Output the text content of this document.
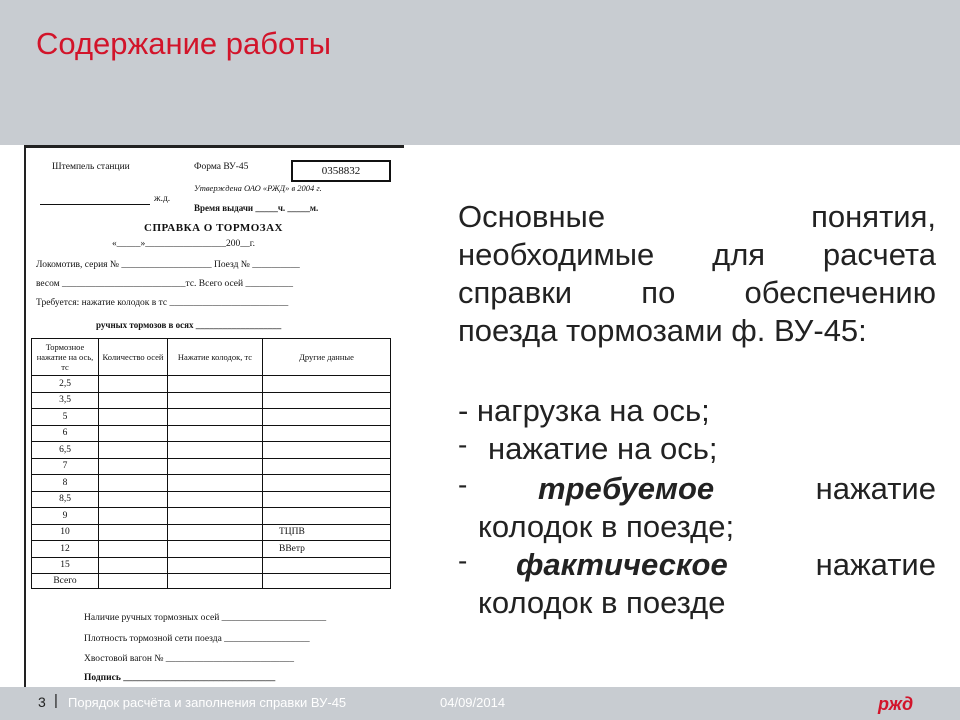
Содержание работы
Штемпель станции	Форма ВУ-45	0358832
Утверждена ОАО «РЖД» в 2004 г.
ж.д.
Время выдачи _____ч. _____м.
СПРАВКА О ТОРМОЗАХ
«_____»_________________200__г.
Локомотив, серия № ___________________ Поезд № __________
весом __________________________тс. Всего осей __________
Требуется: нажатие колодок в тс _________________________
ручных тормозов в осях ___________________
Тормозное нажатие на ось, тс	Количество осей	Нажатие колодок, тс	Другие данные
2,5			
3,5			
5			
6			
6,5			
7			
8			
8,5			
9			
10			ТЦПВ
12			ВВетр
15			
Всего			
Наличие ручных тормозных осей ______________________
Плотность тормозной сети поезда __________________
Хвостовой вагон № ___________________________
Подпись ________________________________
Основные понятия,
необходимые для расчета
справки по обеспечению
поезда тормозами ф. ВУ-45:
- нагрузка на ось;
- нажатие на ось;
- требуемое	нажатие
колодок в поезде;
- фактическое	нажатие
колодок в поезде
3 | Порядок расчёта и заполнения справки ВУ-45	04/09/2014	ржд
